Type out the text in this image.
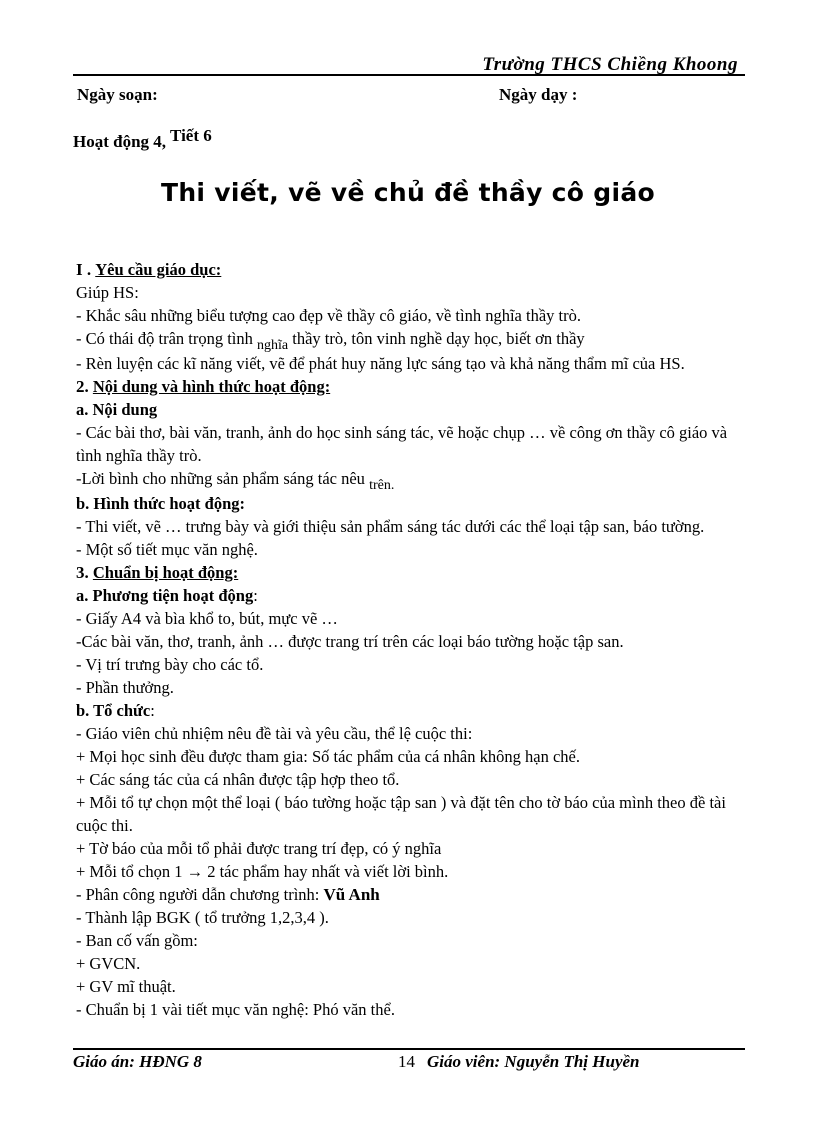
Trường THCS Chiềng Khoong
Ngày soạn:	Ngày dạy :
Hoạt động 4, Tiết 6
Thi viết, vẽ về chủ đề thầy cô giáo

I . Yêu cầu giáo dục:

Giúp HS:

- Khắc sâu những biểu tượng cao đẹp về thầy cô giáo, về tình nghĩa thầy trò.

- Có thái độ trân trọng tình $_{nghĩa}$ thầy trò, tôn vinh nghề dạy học, biết ơn thầy

- Rèn luyện các kĩ năng viết, vẽ để phát huy năng lực sáng tạo và khả năng thẩm mĩ của HS.

2. Nội dung và hình thức hoạt động:

a. Nội dung

- Các bài thơ, bài văn, tranh, ảnh do học sinh sáng tác, vẽ hoặc chụp … về công ơn thầy cô giáo và tình nghĩa thầy trò.

-Lời bình cho những sản phẩm sáng tác nêu $_{trên.}$

b. Hình thức hoạt động:

- Thi viết, vẽ … trưng bày và giới thiệu sản phẩm sáng tác dưới các thể loại tập san, báo tường.

- Một số tiết mục văn nghệ.

3. Chuẩn bị hoạt động:

a. Phương tiện hoạt động:

- Giấy A4 và bìa khổ to, bút, mực vẽ …

-Các bài văn, thơ, tranh, ảnh … được trang trí trên các loại báo tường hoặc tập san.

- Vị trí trưng bày cho các tổ.

- Phần thưởng.

b. Tổ chức:

- Giáo viên chủ nhiệm nêu đề tài và yêu cầu, thể lệ cuộc thi:

+ Mọi học sinh đều được tham gia: Số tác phẩm của cá nhân không hạn chế.

+ Các sáng tác của cá nhân được tập hợp theo tổ.

+ Mỗi tổ tự chọn một thể loại ( báo tường hoặc tập san ) và đặt tên cho tờ báo của mình theo đề tài cuộc thi.

+ Tờ báo của mỗi tổ phải được trang trí đẹp, có ý nghĩa

+ Mỗi tổ chọn 1 → 2 tác phẩm hay nhất và viết lời bình.

- Phân công người dẫn chương trình: Vũ Anh

- Thành lập BGK ( tổ trưởng 1,2,3,4 ).

- Ban cố vấn gồm:

+ GVCN.

+ GV mĩ thuật.

- Chuẩn bị 1 vài tiết mục văn nghệ: Phó văn thể.

Giáo án: HĐNG 8	14 Giáo viên: Nguyễn Thị Huyền
